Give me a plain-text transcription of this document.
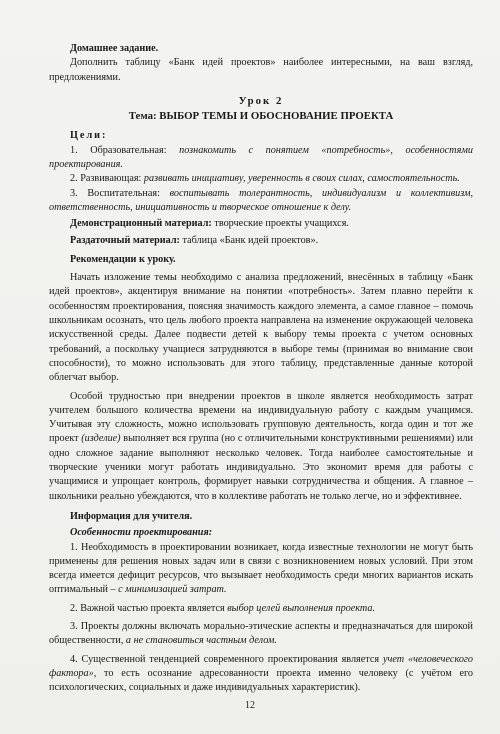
Домашнее задание.

Дополнить таблицу «Банк идей проектов» наиболее интересными, на ваш взгляд, предложениями.

Урок 2
Тема: ВЫБОР ТЕМЫ И ОБОСНОВАНИЕ ПРОЕКТА
Цели:

1. Образовательная: познакомить с понятием «потребность», особенностями проектирования.

2. Развивающая: развивать инициативу, уверенность в своих силах, самостоятельность.

3. Воспитательная: воспитывать толерантность, индивидуализм и коллективизм, ответственность, инициативность и творческое отношение к делу.

Демонстрационный материал: творческие проекты учащихся.
Раздаточный материал: таблица «Банк идей проектов».
Рекомендации к уроку.

Начать изложение темы необходимо с анализа предложений, внесённых в таблицу «Банк идей проектов», акцентируя внимание на понятии «потребность». Затем плавно перейти к особенностям проектирования, поясняя значимость каждого элемента, а самое главное – помочь школьникам осознать, что цель любого проекта направлена на изменение окружающей человека искусственной среды. Далее подвести детей к выбору темы проекта с учетом основных требований, а поскольку учащиеся затрудняются в выборе темы (принимая во внимание свои способности), то можно использовать для этого таблицу, представленные данные которой облегчат выбор.

Особой трудностью при внедрении проектов в школе является необходимость затрат учителем большого количества времени на индивидуальную работу с каждым учащимся. Учитывая эту сложность, можно использовать групповую деятельность, когда один и тот же проект (изделие) выполняет вся группа (но с отличительными конструктивными решениями) или одно сложное задание выполняют несколько человек. Тогда наиболее самостоятельные и творческие ученики могут работать индивидуально. Это экономит время для работы с учащимися и упрощает контроль, формирует навыки сотрудничества и общения. А главное – школьники реально убеждаются, что в коллективе работать не только легче, но и эффективнее.

Информация для учителя.
Особенности проектирования:

1. Необходимость в проектировании возникает, когда известные технологии не могут быть применены для решения новых задач или в связи с возникновением новых условий. При этом всегда имеется дефицит ресурсов, что вызывает необходимость среди многих вариантов искать оптимальный – с минимизацией затрат.

2. Важной частью проекта является выбор целей выполнения проекта.

3. Проекты должны включать морально-этические аспекты и предназначаться для широкой общественности, а не становиться частным делом.

4. Существенной тенденцией современного проектирования является учет «человеческого фактора», то есть осознание адресованности проекта именно человеку (с учётом его психологических, социальных и даже индивидуальных характеристик).

12
